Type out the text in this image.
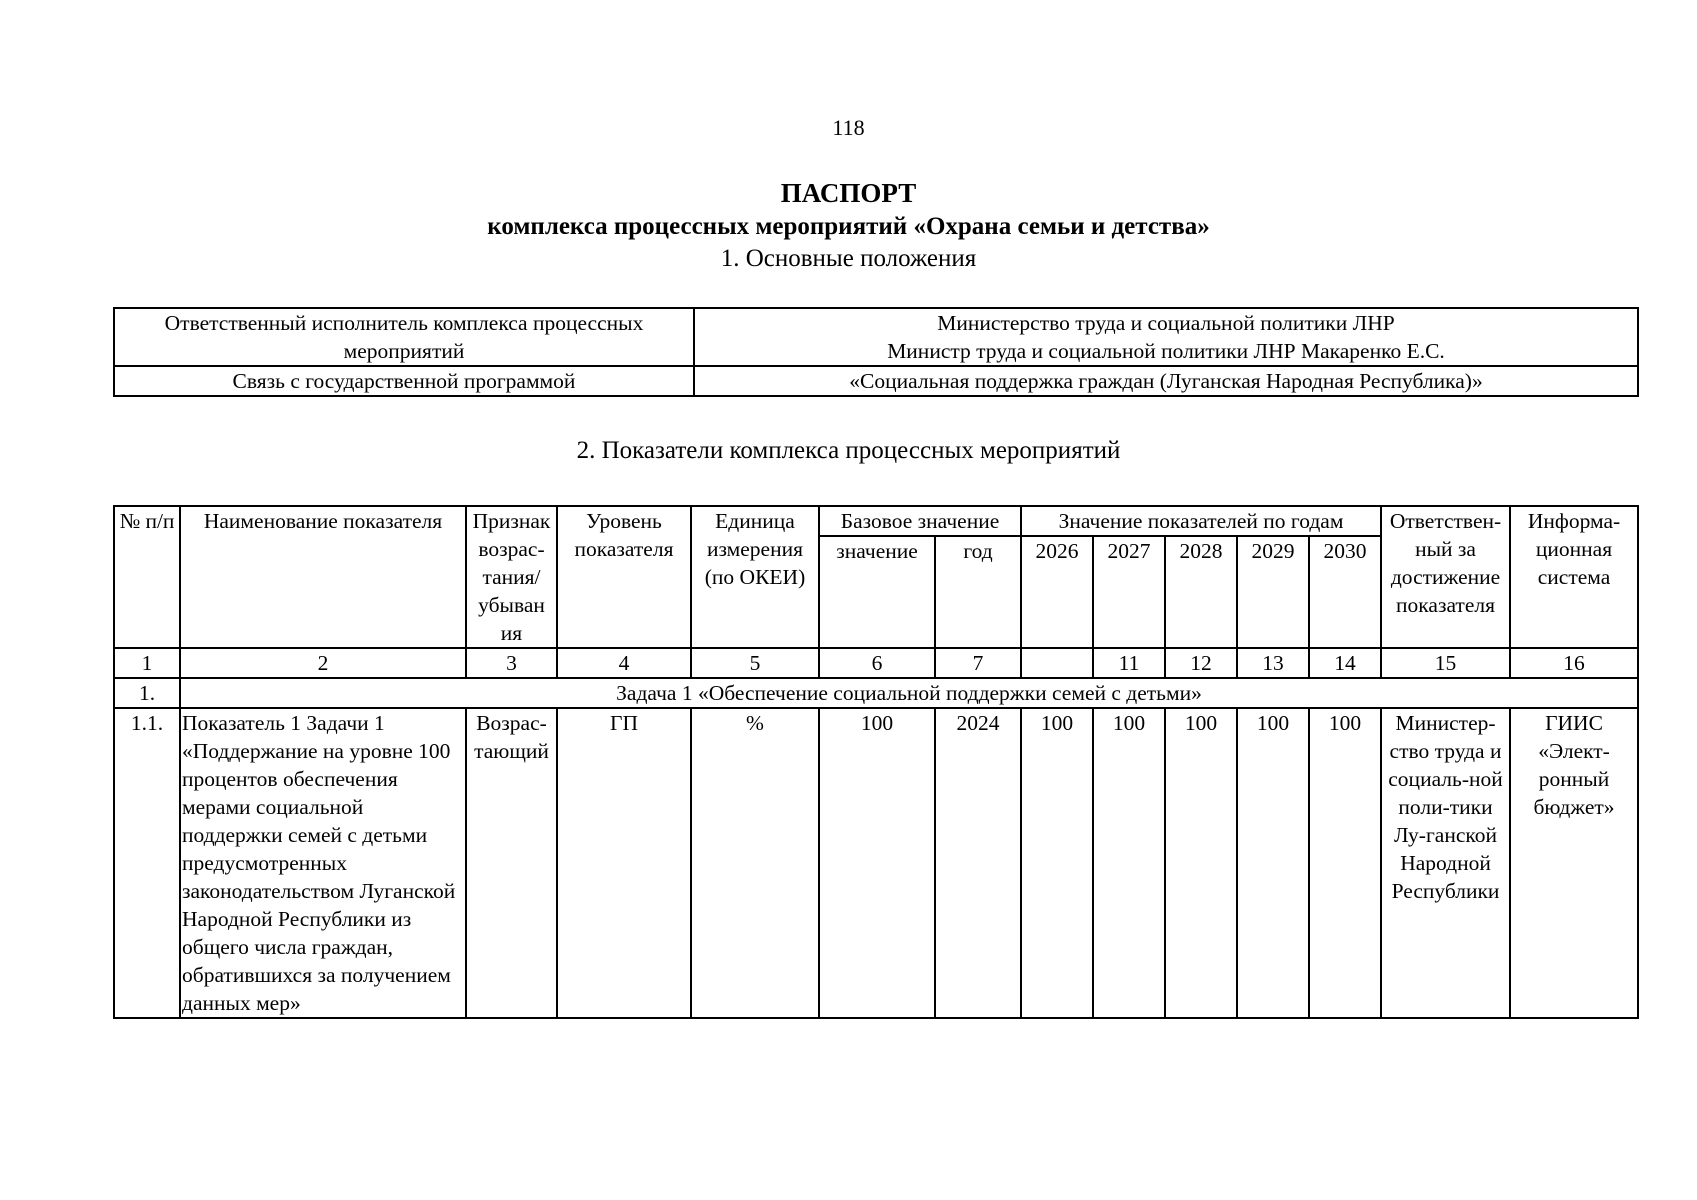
118
ПАСПОРТ
комплекса процессных мероприятий «Охрана семьи и детства»
1. Основные положения
Ответственный исполнитель комплекса процессных мероприятий	Министерство труда и социальной политики ЛНР
Министр труда и социальной политики ЛНР Макаренко Е.С.

Связь с государственной программой	«Социальная поддержка граждан (Луганская Народная Республика)»
2. Показатели комплекса процессных мероприятий
№ п/п	Наименование показателя	Признак возрас-тания/ убыван ия	Уровень показателя	Единица измерения (по ОКЕИ)	Базовое значение		Значение показателей по годам					Ответствен-ный за достижение показателя	Информа-ционная система
					значение	год	2026	2027	2028	2029	2030		
1	2	3	4	5	6	7		11	12	13	14	15	16
1.	Задача 1 «Обеспечение социальной поддержки семей с детьми»												
1.1.	Показатель 1 Задачи 1 «Поддержание на уровне 100 процентов обеспечения мерами социальной поддержки семей с детьми предусмотренных законодательством Луганской Народной Республики из общего числа граждан, обратившихся за получением данных мер»	Возрас-тающий	ГП	%	100	2024	100	100	100	100	100	Министер-ство труда и социаль-ной поли-тики Лу-ганской Народной Республики	ГИИС «Элект-ронный бюджет»
